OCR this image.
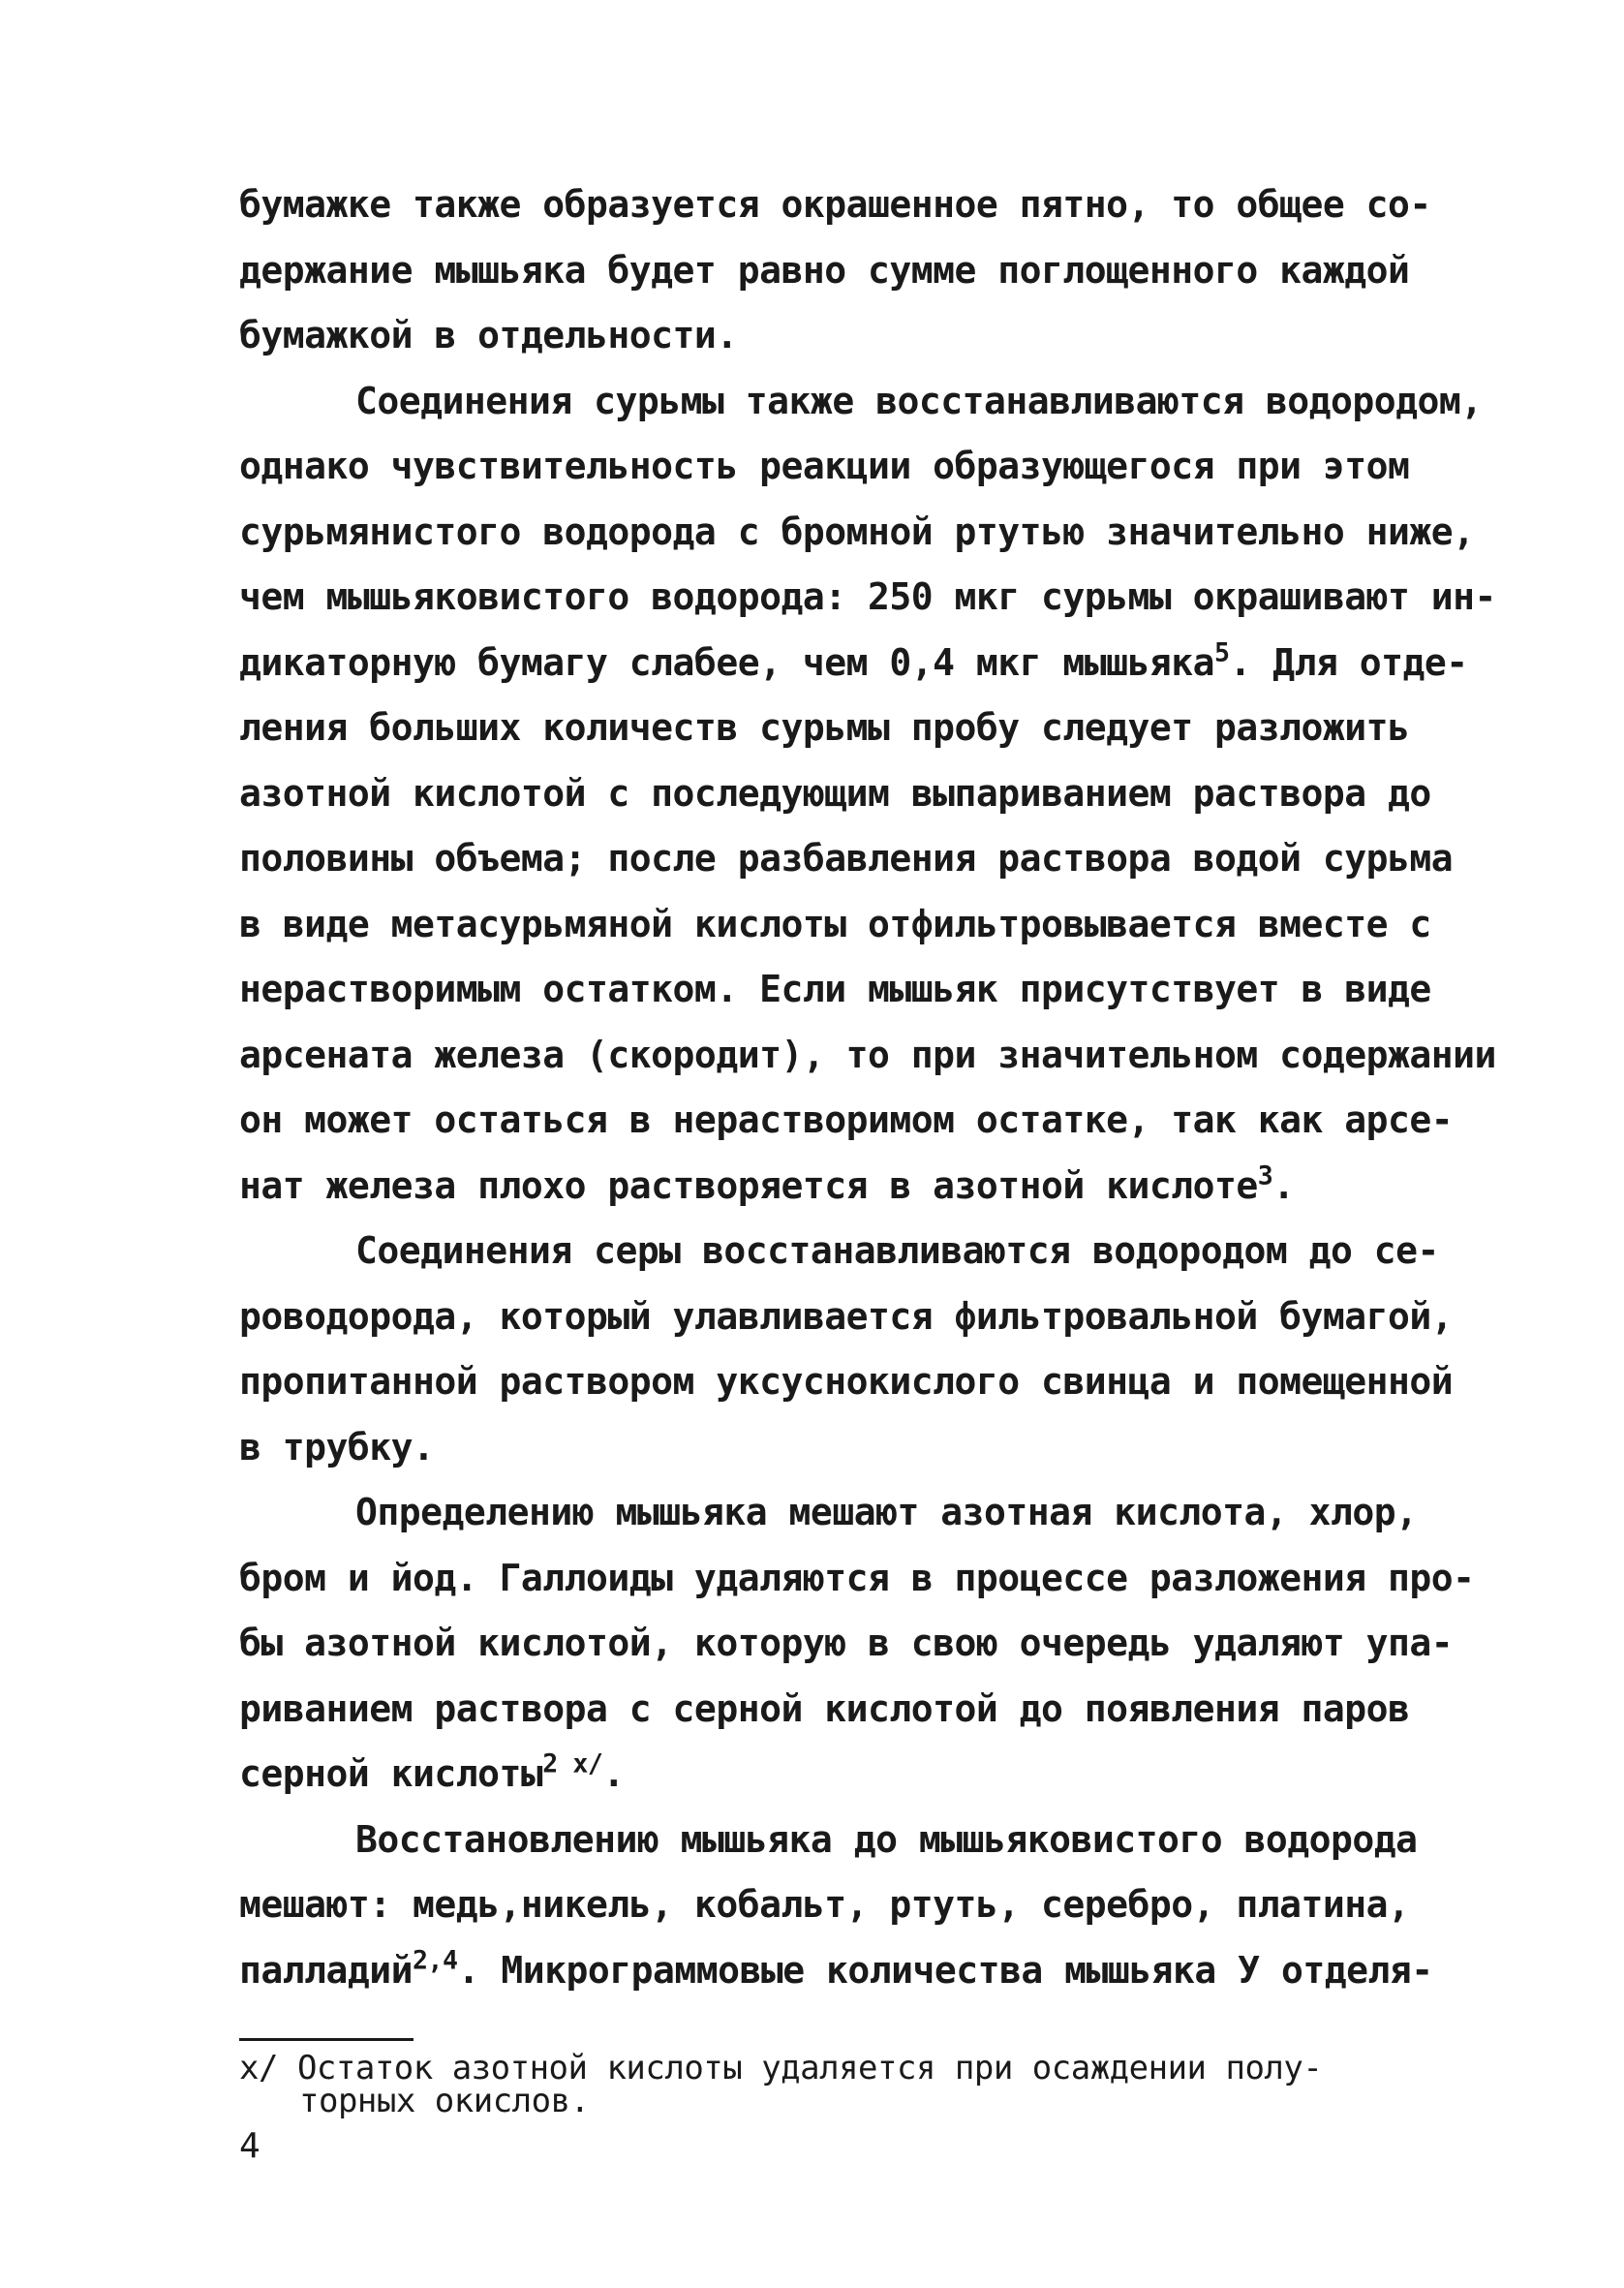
бумажке также образуется окрашенное пятно, то общее со-
держание мышьяка будет равно сумме поглощенного каждой
бумажкой в отдельности.
Соединения сурьмы также восстанавливаются водородом,
однако чувствительность реакции образующегося при этом
сурьмянистого водорода с бромной ртутью значительно ниже,
чем мышьяковистого водорода: 250 мкг сурьмы окрашивают ин-
дикаторную бумагу слабее, чем 0,4 мкг мышьяка$^5$. Для отде-
ления больших количеств сурьмы пробу следует разложить
азотной кислотой с последующим выпариванием раствора до
половины объема; после разбавления раствора водой сурьма
в виде метасурьмяной кислоты отфильтровывается вместе с
нерастворимым остатком. Если мышьяк присутствует в виде
арсената железа (скородит), то при значительном содержании
он может остаться в нерастворимом остатке, так как арсе-
нат железа плохо растворяется в азотной кислоте$^3$.
Соединения серы восстанавливаются водородом до се-
роводорода, который улавливается фильтровальной бумагой,
пропитанной раствором уксуснокислого свинца и помещенной
в трубку.
Определению мышьяка мешают азотная кислота, хлор,
бром и йод. Галлоиды удаляются в процессе разложения про-
бы азотной кислотой, которую в свою очередь удаляют упа-
риванием раствора с серной кислотой до появления паров
серной кислоты$^{2 х/}$.
Восстановлению мышьяка до мышьяковистого водорода
мешают: медь,никель, кобальт, ртуть, серебро, платина,
палладий$^{2,4}$. Микрограммовые количества мышьяка У отделя-
х/ Остаток азотной кислоты удаляется при осаждении полу-
торных окислов.
4
